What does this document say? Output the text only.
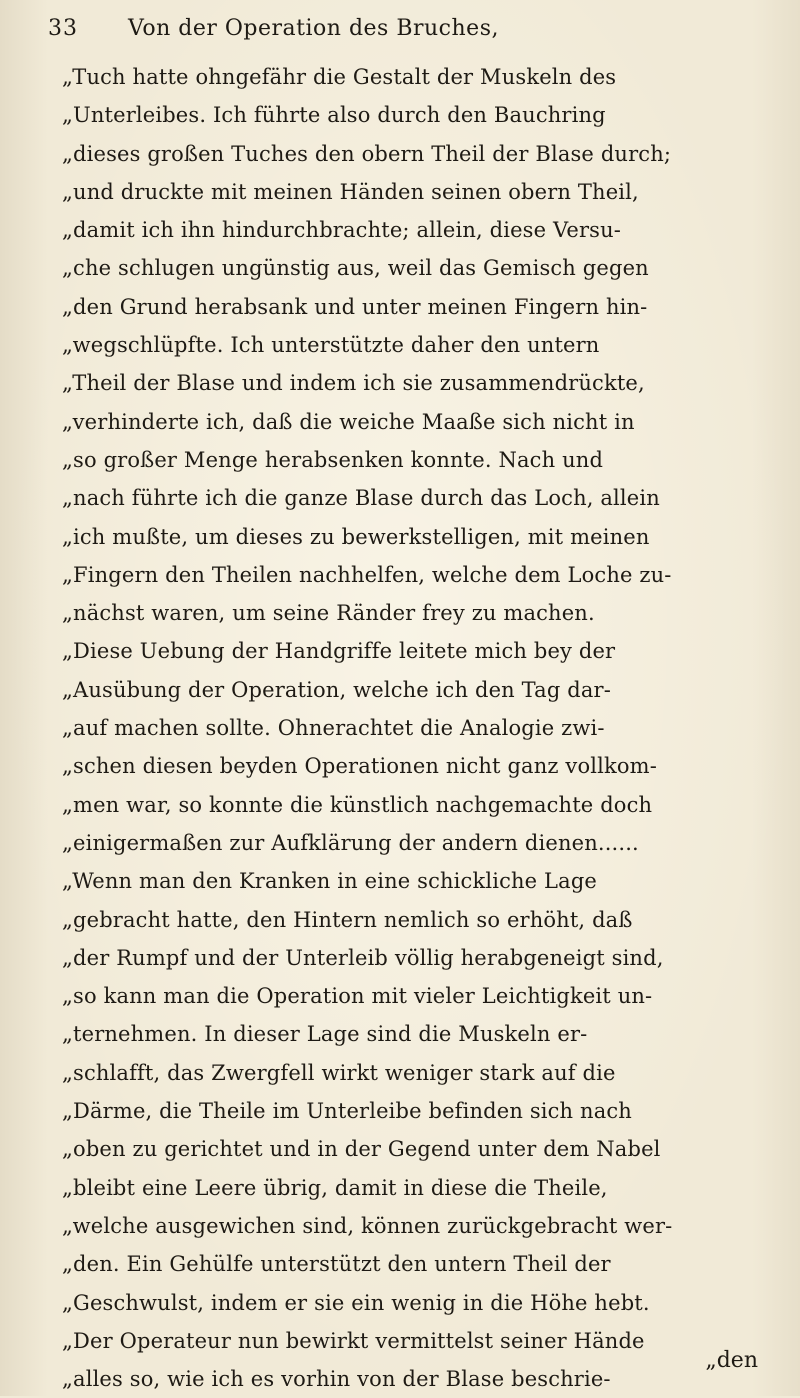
33 Von der Operation des Bruches,
„Tuch hatte ohngefähr die Gestalt der Muskeln des
„Unterleibes. Ich führte also durch den Bauchring
„dieses großen Tuches den obern Theil der Blase durch;
„und druckte mit meinen Händen seinen obern Theil,
„damit ich ihn hindurchbrachte; allein, diese Versu-
„che schlugen ungünstig aus, weil das Gemisch gegen
„den Grund herabsank und unter meinen Fingern hin-
„wegschlüpfte. Ich unterstützte daher den untern
„Theil der Blase und indem ich sie zusammendrückte,
„verhinderte ich, daß die weiche Maaße sich nicht in
„so großer Menge herabsenken konnte. Nach und
„nach führte ich die ganze Blase durch das Loch, allein
„ich mußte, um dieses zu bewerkstelligen, mit meinen
„Fingern den Theilen nachhelfen, welche dem Loche zu-
„nächst waren, um seine Ränder frey zu machen.
„Diese Uebung der Handgriffe leitete mich bey der
„Ausübung der Operation, welche ich den Tag dar-
„auf machen sollte. Ohnerachtet die Analogie zwi-
„schen diesen beyden Operationen nicht ganz vollkom-
„men war, so konnte die künstlich nachgemachte doch
„einigermaßen zur Aufklärung der andern dienen......
„Wenn man den Kranken in eine schickliche Lage
„gebracht hatte, den Hintern nemlich so erhöht, daß
„der Rumpf und der Unterleib völlig herabgeneigt sind,
„so kann man die Operation mit vieler Leichtigkeit un-
„ternehmen. In dieser Lage sind die Muskeln er-
„schlafft, das Zwergfell wirkt weniger stark auf die
„Därme, die Theile im Unterleibe befinden sich nach
„oben zu gerichtet und in der Gegend unter dem Nabel
„bleibt eine Leere übrig, damit in diese die Theile,
„welche ausgewichen sind, können zurückgebracht wer-
„den. Ein Gehülfe unterstützt den untern Theil der
„Geschwulst, indem er sie ein wenig in die Höhe hebt.
„Der Operateur nun bewirkt vermittelst seiner Hände
„alles so, wie ich es vorhin von der Blase beschrie-
„den
